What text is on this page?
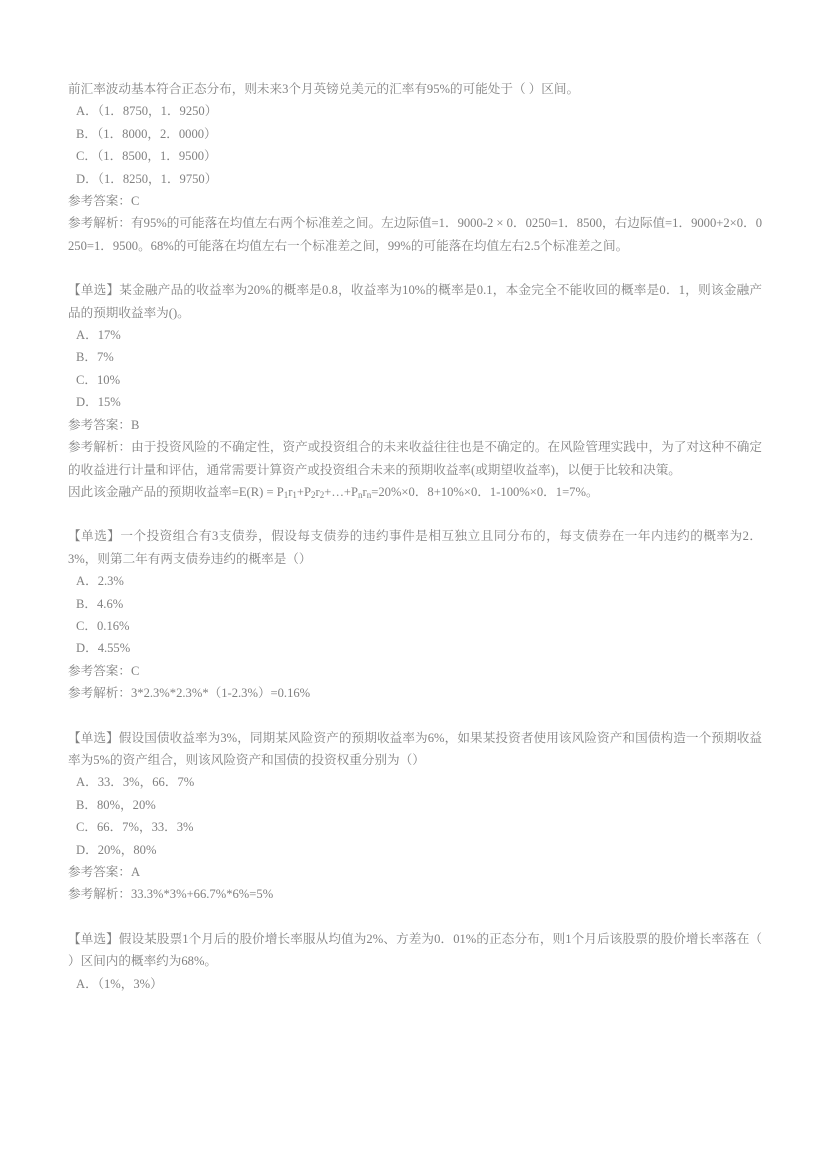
前汇率波动基本符合正态分布，则未来3个月英镑兑美元的汇率有95%的可能处于（ ）区间。

A．（1．8750，1．9250）

B．（1．8000，2．0000）

C．（1．8500，1．9500）

D．（1．8250，1．9750）

参考答案：C

参考解析：有95%的可能落在均值左右两个标准差之间。左边际值=1．9000-2 × 0．0250=1．8500，右边际值=1．9000+2×0．0250=1．9500。68%的可能落在均值左右一个标准差之间，99%的可能落在均值左右2.5个标准差之间。

【单选】某金融产品的收益率为20%的概率是0.8，收益率为10%的概率是0.1，本金完全不能收回的概率是0．1，则该金融产品的预期收益率为()。

A．17%

B．7%

C．10%

D．15%

参考答案：B

参考解析：由于投资风险的不确定性，资产或投资组合的未来收益往往也是不确定的。在风险管理实践中，为了对这种不确定的收益进行计量和评估，通常需要计算资产或投资组合未来的预期收益率(或期望收益率)，以便于比较和决策。

因此该金融产品的预期收益率$=E(R) = P_1r_1+P_2r_2+\dots+P_nr_n=20\%\times 0$．8+10%×0．1-100%×0．1=7%。

【单选】一个投资组合有3支债券，假设每支债券的违约事件是相互独立且同分布的，每支债券在一年内违约的概率为2．3%，则第二年有两支债券违约的概率是（）

A．2.3%

B．4.6%

C．0.16%

D．4.55%

参考答案：C

参考解析：3*2.3%*2.3%*（1-2.3%）=0.16%

【单选】假设国债收益率为3%，同期某风险资产的预期收益率为6%，如果某投资者使用该风险资产和国债构造一个预期收益率为5%的资产组合，则该风险资产和国债的投资权重分别为（）

A．33．3%，66．7%

B．80%，20%

C．66．7%，33．3%

D．20%，80%

参考答案：A

参考解析：33.3%*3%+66.7%*6%=5%

【单选】假设某股票1个月后的股价增长率服从均值为2%、方差为0．01%的正态分布，则1个月后该股票的股价增长率落在（ ）区间内的概率约为68%。

A．（1%，3%）
